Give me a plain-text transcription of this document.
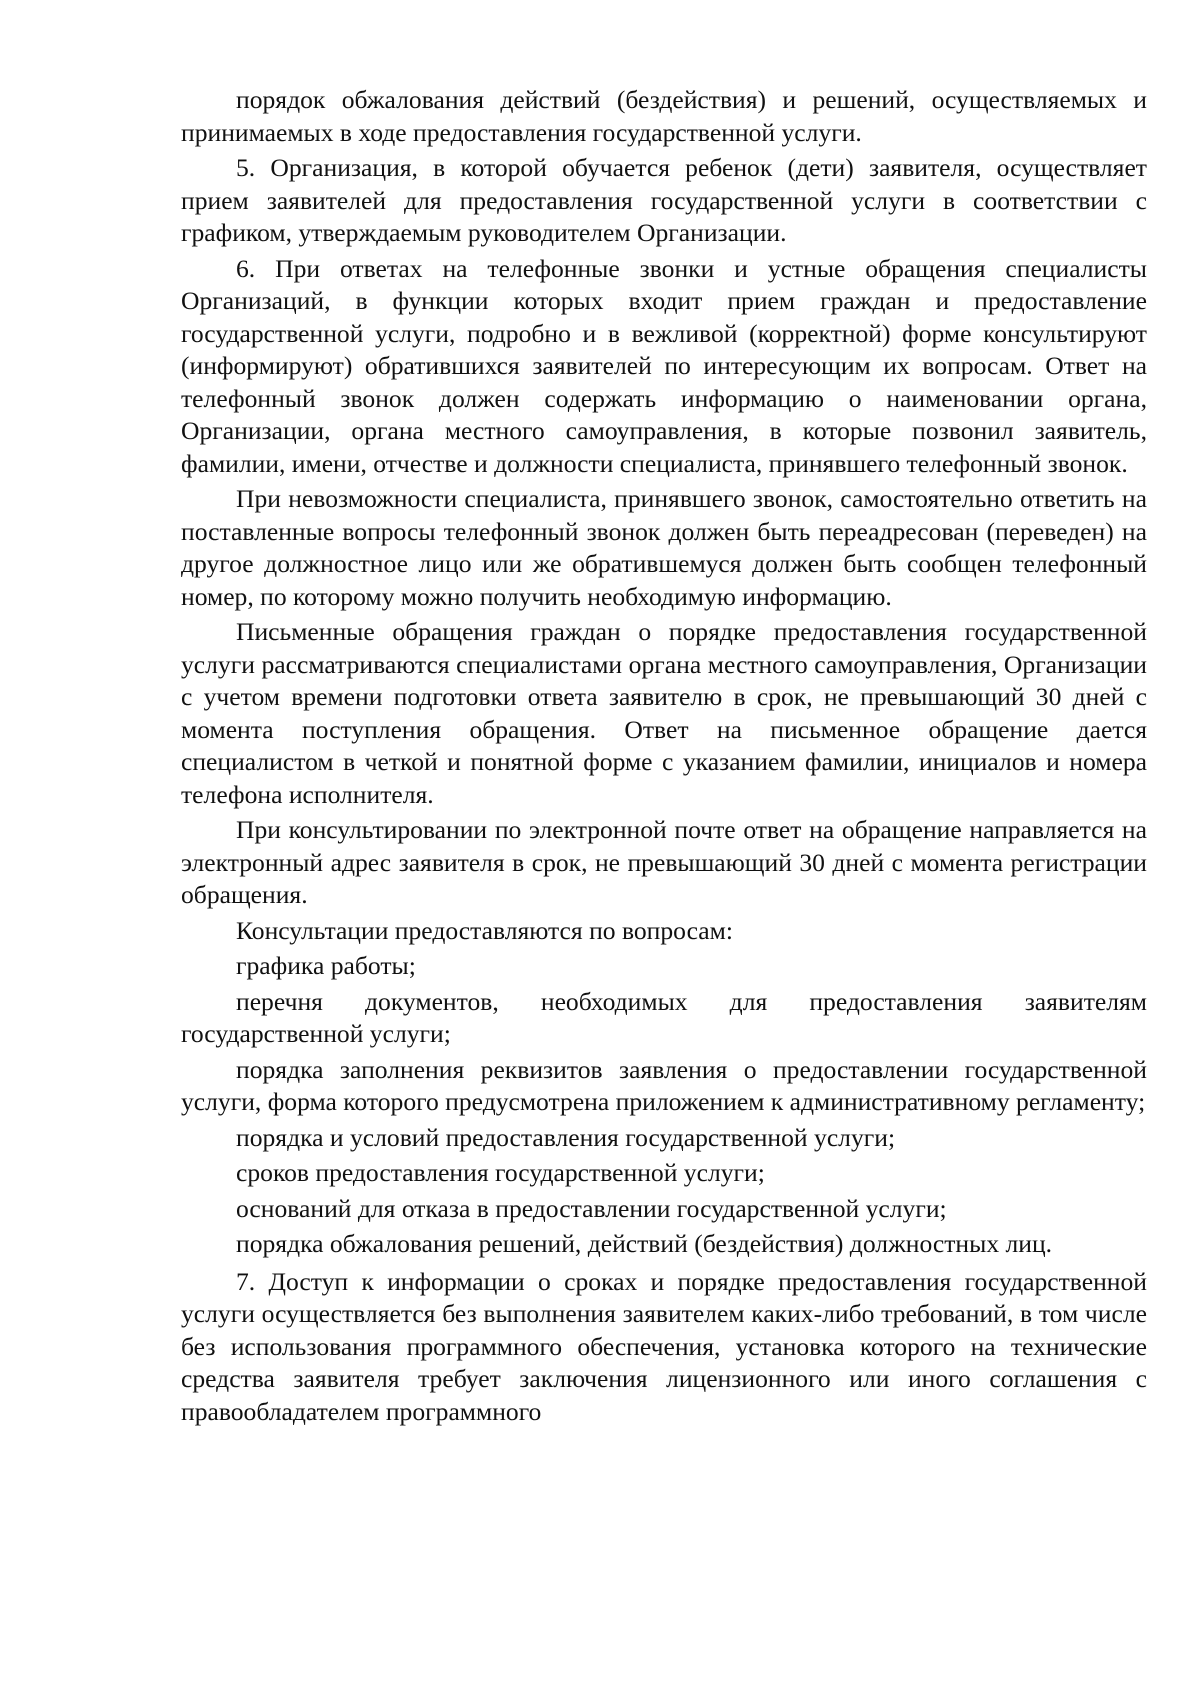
порядок обжалования действий (бездействия) и решений, осуществляемых и принимаемых в ходе предоставления государственной услуги.

5. Организация, в которой обучается ребенок (дети) заявителя, осуществляет прием заявителей для предоставления государственной услуги в соответствии с графиком, утверждаемым руководителем Организации.

6. При ответах на телефонные звонки и устные обращения специалисты Организаций, в функции которых входит прием граждан и предоставление государственной услуги, подробно и в вежливой (корректной) форме консультируют (информируют) обратившихся заявителей по интересующим их вопросам. Ответ на телефонный звонок должен содержать информацию о наименовании органа, Организации, органа местного самоуправления, в которые позвонил заявитель, фамилии, имени, отчестве и должности специалиста, принявшего телефонный звонок.

При невозможности специалиста, принявшего звонок, самостоятельно ответить на поставленные вопросы телефонный звонок должен быть переадресован (переведен) на другое должностное лицо или же обратившемуся должен быть сообщен телефонный номер, по которому можно получить необходимую информацию.

Письменные обращения граждан о порядке предоставления государственной услуги рассматриваются специалистами органа местного самоуправления, Организации с учетом времени подготовки ответа заявителю в срок, не превышающий 30 дней с момента поступления обращения. Ответ на письменное обращение дается специалистом в четкой и понятной форме с указанием фамилии, инициалов и номера телефона исполнителя.

При консультировании по электронной почте ответ на обращение направляется на электронный адрес заявителя в срок, не превышающий 30 дней с момента регистрации обращения.

Консультации предоставляются по вопросам:

графика работы;

перечня документов, необходимых для предоставления заявителям государственной услуги;

порядка заполнения реквизитов заявления о предоставлении государственной услуги, форма которого предусмотрена приложением к административному регламенту;

порядка и условий предоставления государственной услуги;

сроков предоставления государственной услуги;

оснований для отказа в предоставлении государственной услуги;

порядка обжалования решений, действий (бездействия) должностных лиц.

7. Доступ к информации о сроках и порядке предоставления государственной услуги осуществляется без выполнения заявителем каких-либо требований, в том числе без использования программного обеспечения, установка которого на технические средства заявителя требует заключения лицензионного или иного соглашения с правообладателем программного
